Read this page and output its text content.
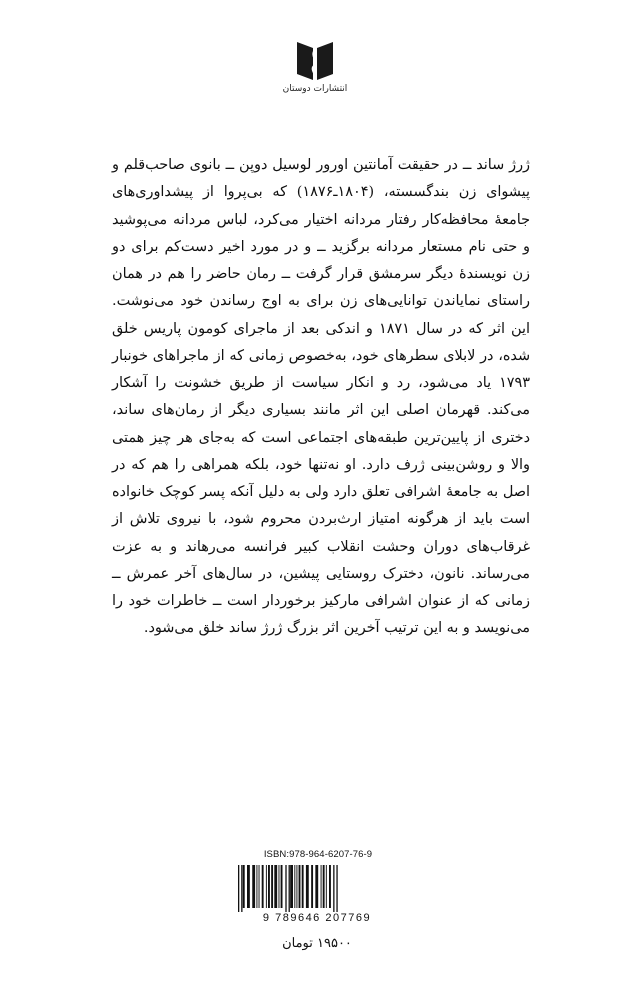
انتشارات دوستان

ژرژ ساند ــ در حقیقت آمانتین اورور لوسیل دوپن ــ بانوی صاحب‌قلم و پیشوای زن بندگسسته، (۱۸۰۴ـ۱۸۷۶) که بی‌پروا از پیشداوری‌های جامعهٔ محافظه‌کار رفتار مردانه اختیار می‌کرد، لباس مردانه می‌پوشید و حتی نام مستعار مردانه برگزید ــ و در مورد اخیر دست‌کم برای دو زن نویسندهٔ دیگر سرمشق قرار گرفت ــ رمان حاضر را هم در همان راستای نمایاندن توانایی‌های زن برای به اوج رساندن خود می‌نوشت. این اثر که در سال ۱۸۷۱ و اندکی بعد از ماجرای کومون پاریس خلق شده، در لابلای سطرهای خود، به‌خصوص زمانی که از ماجراهای خونبار ۱۷۹۳ یاد می‌شود، رد و انکار سیاست از طریق خشونت را آشکار می‌کند. قهرمان اصلی این اثر مانند بسیاری دیگر از رمان‌های ساند، دختری از پایین‌ترین طبقه‌های اجتماعی است که به‌جای هر چیز همتی والا و روشن‌بینی ژرف دارد. او نه‌تنها خود، بلکه همراهی را هم که در اصل به جامعهٔ اشرافی تعلق دارد ولی به دلیل آنکه پسر کوچک خانواده است باید از هرگونه امتیاز ارث‌بردن محروم شود، با نیروی تلاش از غرقاب‌های دوران وحشت انقلاب کبیر فرانسه می‌رهاند و به عزت می‌رساند. نانون، دخترک روستایی پیشین، در سال‌های آخر عمرش ــ زمانی که از عنوان اشرافی مارکیز برخوردار است ــ خاطرات خود را می‌نویسد و به این ترتیب آخرین اثر بزرگ ژرژ ساند خلق می‌شود.

ISBN:978-964-6207-76-9
9 789646 207769
۱۹۵۰۰ تومان
